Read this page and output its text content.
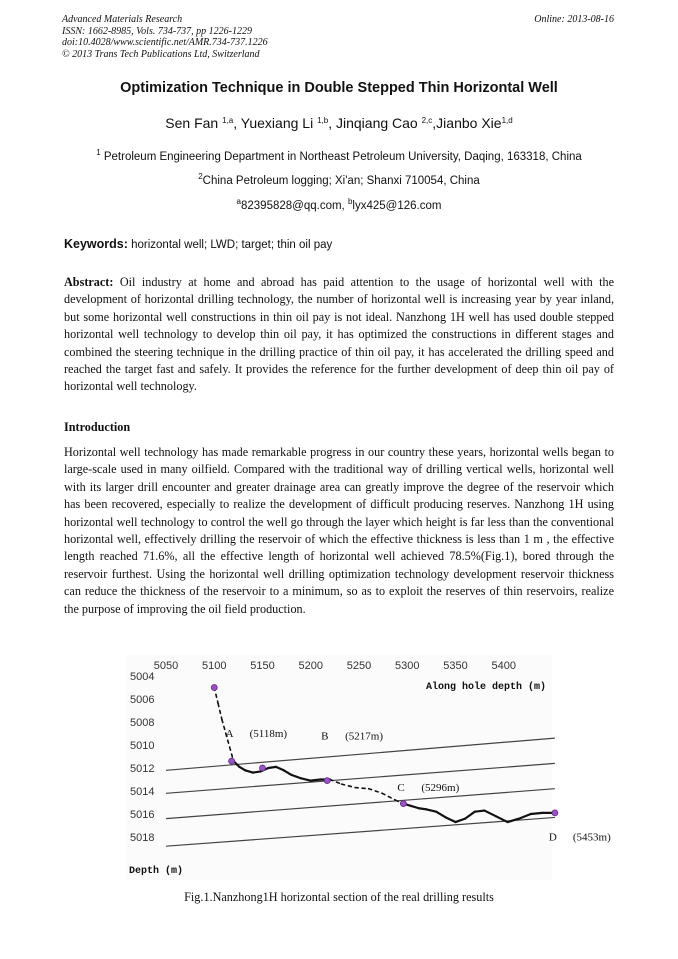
Advanced Materials Research
ISSN: 1662-8985, Vols. 734-737, pp 1226-1229
doi:10.4028/www.scientific.net/AMR.734-737.1226
© 2013 Trans Tech Publications Ltd, Switzerland
Online: 2013-08-16
Optimization Technique in Double Stepped Thin Horizontal Well
Sen Fan $^{1,a}$, Yuexiang Li $^{1,b}$, Jinqiang Cao $^{2,c}$,Jianbo Xie$^{1,d}$
$^1$ Petroleum Engineering Department in Northeast Petroleum University, Daqing, 163318, China
$^2$China Petroleum logging; Xi'an; Shanxi 710054, China
$^a$82395828@qq.com, $^b$lyx425@126.com
Keywords: horizontal well; LWD; target; thin oil pay
Abstract: Oil industry at home and abroad has paid attention to the usage of horizontal well with the development of horizontal drilling technology, the number of horizontal well is increasing year by year inland, but some horizontal well constructions in thin oil pay is not ideal. Nanzhong 1H well has used double stepped horizontal well technology to develop thin oil pay, it has optimized the constructions in different stages and combined the steering technique in the drilling practice of thin oil pay, it has accelerated the drilling speed and reached the target fast and safely. It provides the reference for the further development of deep thin oil pay of horizontal well technology.
Introduction
Horizontal well technology has made remarkable progress in our country these years, horizontal wells began to large-scale used in many oilfield. Compared with the traditional way of drilling vertical wells, horizontal well with its larger drill encounter and greater drainage area can greatly improve the degree of the reservoir which has been recovered, especially to realize the development of difficult producing reserves. Nanzhong 1H using horizontal well technology to control the well go through the layer which height is far less than the conventional horizontal well, effectively drilling the reservoir of which the effective thickness is less than 1 m , the effective length reached 71.6%, all the effective length of horizontal well achieved 78.5%(Fig.1), bored through the reservoir furthest. Using the horizontal well drilling optimization technology development reservoir thickness can reduce the thickness of the reservoir to a minimum, so as to exploit the reserves of thin reservoirs, realize the purpose of improving the oil field production.
5050 5100 5150 5200 5250 5300 5350 5400
5004
5006
5008
5010
5012
5014
5016
5018
Along hole depth (m)
Depth (m)
A (5118m)	B (5217m)
C (5296m)
D (5453m)
Fig.1.Nanzhong1H horizontal section of the real drilling results
